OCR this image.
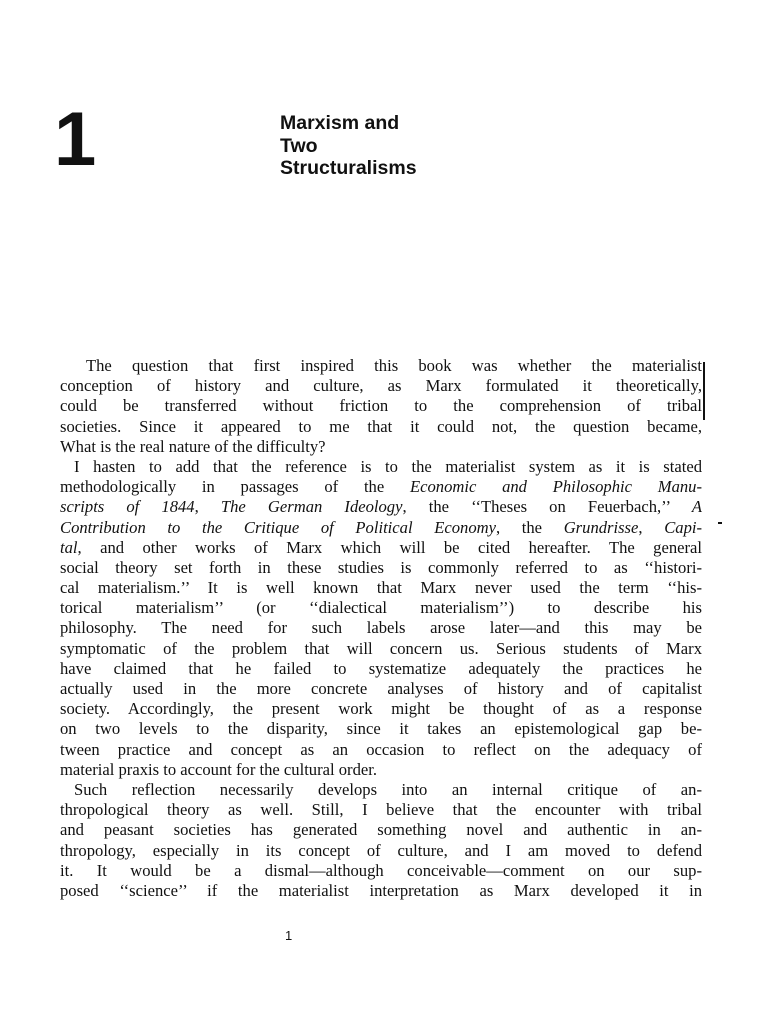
1	Marxism and
Two
Structuralisms
The question that first inspired this book was whether the materialist
conception of history and culture, as Marx formulated it theoretically,
could be transferred without friction to the comprehension of tribal
societies. Since it appeared to me that it could not, the question became,
What is the real nature of the difficulty?
I hasten to add that the reference is to the materialist system as it is stated
methodologically in passages of the Economic and Philosophic Manu-
scripts of 1844, The German Ideology, the ‘‘Theses on Feuerbach,’’ A
Contribution to the Critique of Political Economy, the Grundrisse, Capi-
tal, and other works of Marx which will be cited hereafter. The general
social theory set forth in these studies is commonly referred to as ‘‘histori-
cal materialism.’’ It is well known that Marx never used the term ‘‘his-
torical materialism’’ (or ‘‘dialectical materialism’’) to describe his
philosophy. The need for such labels arose later—and this may be
symptomatic of the problem that will concern us. Serious students of Marx
have claimed that he failed to systematize adequately the practices he
actually used in the more concrete analyses of history and of capitalist
society. Accordingly, the present work might be thought of as a response
on two levels to the disparity, since it takes an epistemological gap be-
tween practice and concept as an occasion to reflect on the adequacy of
material praxis to account for the cultural order.
Such reflection necessarily develops into an internal critique of an-
thropological theory as well. Still, I believe that the encounter with tribal
and peasant societies has generated something novel and authentic in an-
thropology, especially in its concept of culture, and I am moved to defend
it. It would be a dismal—although conceivable—comment on our sup-
posed ‘‘science’’ if the materialist interpretation as Marx developed it in
1
